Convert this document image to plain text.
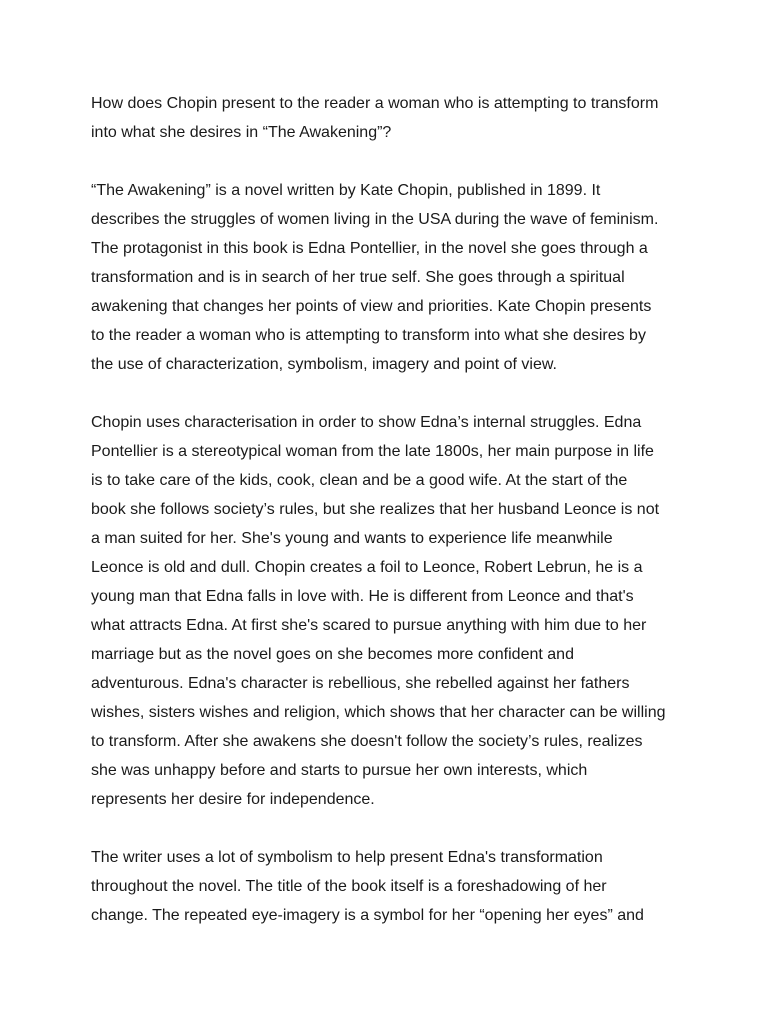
How does Chopin present to the reader a woman who is attempting to transform
into what she desires in “The Awakening”?

“The Awakening” is a novel written by Kate Chopin, published in 1899. It
describes the struggles of women living in the USA during the wave of feminism.
The protagonist in this book is Edna Pontellier, in the novel she goes through a
transformation and is in search of her true self. She goes through a spiritual
awakening that changes her points of view and priorities. Kate Chopin presents
to the reader a woman who is attempting to transform into what she desires by
the use of characterization, symbolism, imagery and point of view.

Chopin uses characterisation in order to show Edna’s internal struggles. Edna
Pontellier is a stereotypical woman from the late 1800s, her main purpose in life
is to take care of the kids, cook, clean and be a good wife. At the start of the
book she follows society’s rules, but she realizes that her husband Leonce is not
a man suited for her. She's young and wants to experience life meanwhile
Leonce is old and dull. Chopin creates a foil to Leonce, Robert Lebrun, he is a
young man that Edna falls in love with. He is different from Leonce and that's
what attracts Edna. At first she's scared to pursue anything with him due to her
marriage but as the novel goes on she becomes more confident and
adventurous. Edna's character is rebellious, she rebelled against her fathers
wishes, sisters wishes and religion, which shows that her character can be willing
to transform. After she awakens she doesn't follow the society’s rules, realizes
she was unhappy before and starts to pursue her own interests, which
represents her desire for independence.

The writer uses a lot of symbolism to help present Edna's transformation
throughout the novel. The title of the book itself is a foreshadowing of her
change. The repeated eye-imagery is a symbol for her “opening her eyes” and
